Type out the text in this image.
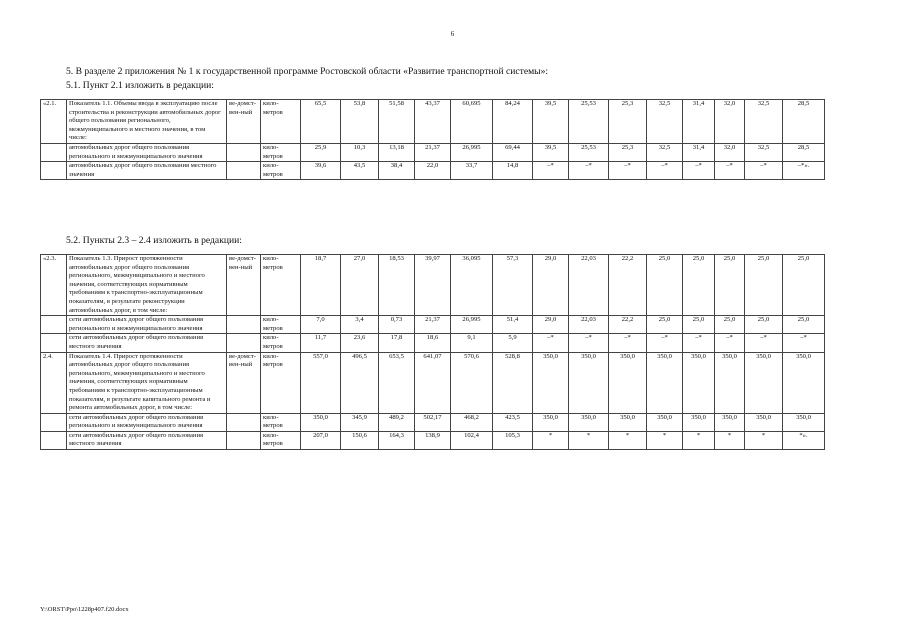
6
5. В разделе 2 приложения № 1 к государственной программе Ростовской области «Развитие транспортной системы»:
5.1. Пункт 2.1 изложить в редакции:
«2.1.	Показатель 1.1. Объемы ввода в эксплуатацию после строительства и реконструкции автомобильных дорог общего пользования регионального, межмуниципального и местного значения, в том числе:	ве-домст-вен-ный	кило-метров	65,5	53,8	51,58	43,37	60,695	84,24	39,5	25,53	25,3	32,5	31,4	32,0	32,5	28,5
	автомобильных дорог общего пользования регионального и межмуниципального значения		кило-метров	25,9	10,3	13,18	21,37	26,995	69,44	39,5	25,53	25,3	32,5	31,4	32,0	32,5	28,5
	автомобильных дорог общего пользования местного значения		кило-метров	39,6	43,5	38,4	22,0	33,7	14,8	–*	–*	–*	–*	–*	–*	–*	–*».
5.2. Пункты 2.3 – 2.4 изложить в редакции:
«2.3.	Показатель 1.3. Прирост протяженности автомобильных дорог общего пользования регионального, межмуниципального и местного значения, соответствующих нормативным требованиям к транспортно-эксплуатационным показателям, в результате реконструкции автомобильных дорог, в том числе:	ве-домст-вен-ный	кило-метров	18,7	27,0	18,53	39,97	36,095	57,3	29,0	22,03	22,2	25,0	25,0	25,0	25,0	25,0
	сети автомобильных дорог общего пользования регионального и межмуниципального значения		кило-метров	7,0	3,4	0,73	21,37	26,995	51,4	29,0	22,03	22,2	25,0	25,0	25,0	25,0	25,0
	сети автомобильных дорог общего пользования местного значения		кило-метров	11,7	23,6	17,8	18,6	9,1	5,9	–*	–*	–*	–*	–*	–*	–*	–*
2.4.	Показатель 1.4. Прирост протяженности автомобильных дорог общего пользования регионального, межмуниципального и местного значения, соответствующих нормативным требованиям к транспортно-эксплуатационным показателям, в результате капитального ремонта и ремонта автомобильных дорог, в том числе:	ве-домст-вен-ный	кило-метров	557,0	496,5	653,5	641,07	570,6	528,8	350,0	350,0	350,0	350,0	350,0	350,0	350,0	350,0
	сети автомобильных дорог общего пользования регионального и межмуниципального значения		кило-метров	350,0	345,9	489,2	502,17	468,2	423,5	350,0	350,0	350,0	350,0	350,0	350,0	350,0	350,0
	сети автомобильных дорог общего пользования местного значения		кило-метров	207,0	150,6	164,3	138,9	102,4	105,3	*	*	*	*	*	*	*	*».
Y:\ORST\Ppo\1228p407.f20.docx
